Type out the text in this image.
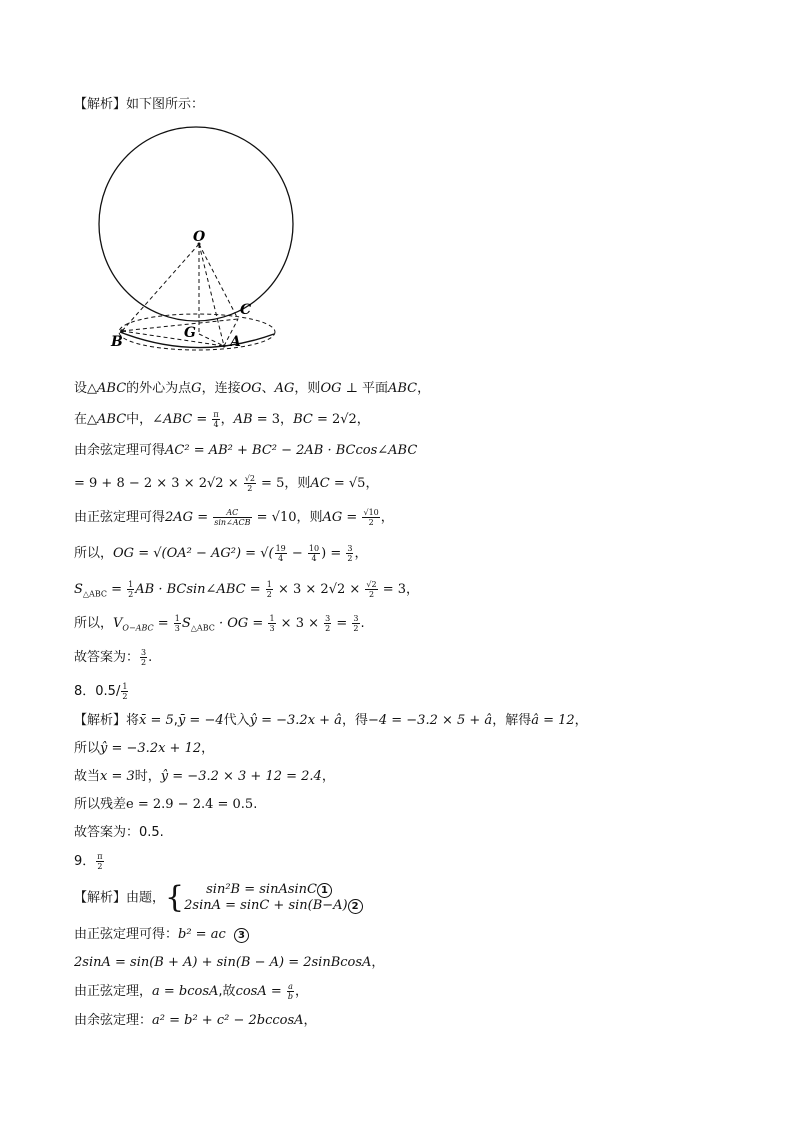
【解析】如下图所示：
O
C
G
A
B
设△ABC的外心为点G，连接OG、AG，则OG ⊥ 平面ABC，
在△ABC中，∠ABC = $\frac{\pi}{4}$ ，AB = 3，BC = 2√2，
由余弦定理可得AC² = AB² + BC² − 2AB · BCcos∠ABC
= $9 + 8 - 2 \times 3 \times 2√2 \times \frac{√2}{2} = 5$，则AC = √5，
由正弦定理可得$2AG = \frac{AC}{\text{sin∠ACB}} = √10$，则AG = $\frac{√10}{2}$ ，
所以，OG = √(OA² − AG²) = √( $\frac{19}{4} - \frac{10}{4}$ ) = $\frac{3}{2}$ ，
$S_{\triangle ABC} = \frac{1}{2}$ AB · BCsin∠ABC = $\frac{1}{2} \times 3 \times 2√2 \times \frac{√2}{2} = 3$，
所以，$V_{O-ABC} = \frac{1}{3} S_{\triangle ABC}$ · OG = $\frac{1}{3} \times 3 \times \frac{3}{2} = \frac{3}{2}$ .
故答案为： $\frac{3}{2}$ .
8．$0.5/ \frac{1}{2}$
【解析】将x̄ = 5,ȳ = −4代入ŷ = −3.2x + â，得−4 = −3.2 × 5 + â，解得â = 12，
所以ŷ = −3.2x + 12，
故当x = 3时，ŷ = −3.2 × 3 + 12 = 2.4，
所以残差e = 2.9 − 2.4 = 0.5.
故答案为：0.5.
9． $\frac{\pi}{2}$
【解析】由题，{	sin²B = sinAsinC 1
2sinA = sinC + sin(B−A) 2
由正弦定理可得：b² = ac 3
2sinA = sin(B + A) + sin(B − A) = 2sinBcosA，
由正弦定理，a = bcosA,故$\cos A = \frac{a}{b}$ ，
由余弦定理：a² = b² + c² − 2bccosA，
